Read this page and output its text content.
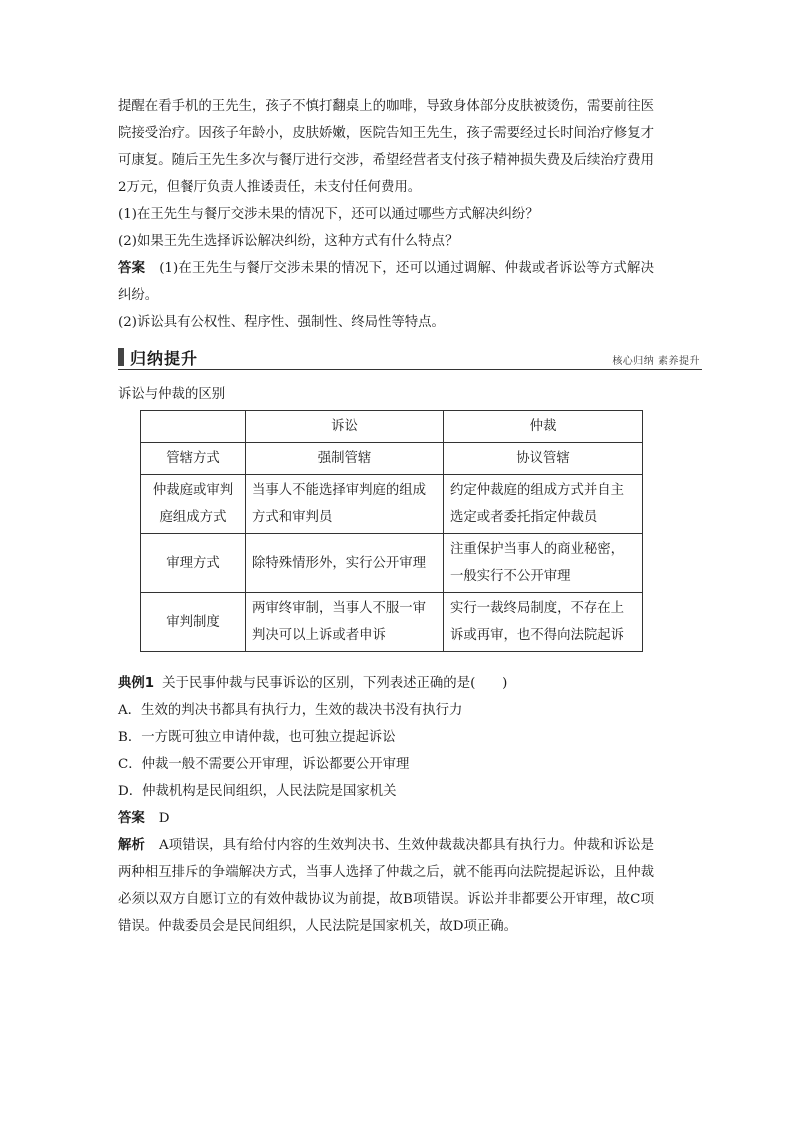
提醒在看手机的王先生，孩子不慎打翻桌上的咖啡，导致身体部分皮肤被烫伤，需要前往医院接受治疗。因孩子年龄小，皮肤娇嫩，医院告知王先生，孩子需要经过长时间治疗修复才可康复。随后王先生多次与餐厅进行交涉，希望经营者支付孩子精神损失费及后续治疗费用 2万元，但餐厅负责人推诿责任，未支付任何费用。

(1)在王先生与餐厅交涉未果的情况下，还可以通过哪些方式解决纠纷？

(2)如果王先生选择诉讼解决纠纷，这种方式有什么特点？

答案 (1)在王先生与餐厅交涉未果的情况下，还可以通过调解、仲裁或者诉讼等方式解决纠纷。

(2)诉讼具有公权性、程序性、强制性、终局性等特点。

归纳提升	核心归纳 素养提升
诉讼与仲裁的区别
	诉讼	仲裁
管辖方式	强制管辖	协议管辖
仲裁庭或审判庭组成方式	当事人不能选择审判庭的组成方式和审判员	约定仲裁庭的组成方式并自主选定或者委托指定仲裁员
审理方式	除特殊情形外，实行公开审理	注重保护当事人的商业秘密，一般实行不公开审理
审判制度	两审终审制，当事人不服一审判决可以上诉或者申诉	实行一裁终局制度，不存在上诉或再审，也不得向法院起诉

典例1 关于民事仲裁与民事诉讼的区别，下列表述正确的是(　　)

A．生效的判决书都具有执行力，生效的裁决书没有执行力

B．一方既可独立申请仲裁，也可独立提起诉讼

C．仲裁一般不需要公开审理，诉讼都要公开审理

D．仲裁机构是民间组织，人民法院是国家机关

答案 D

解析 A项错误，具有给付内容的生效判决书、生效仲裁裁决都具有执行力。仲裁和诉讼是两种相互排斥的争端解决方式，当事人选择了仲裁之后，就不能再向法院提起诉讼，且仲裁必须以双方自愿订立的有效仲裁协议为前提，故B项错误。诉讼并非都要公开审理，故C项错误。仲裁委员会是民间组织，人民法院是国家机关，故D项正确。
